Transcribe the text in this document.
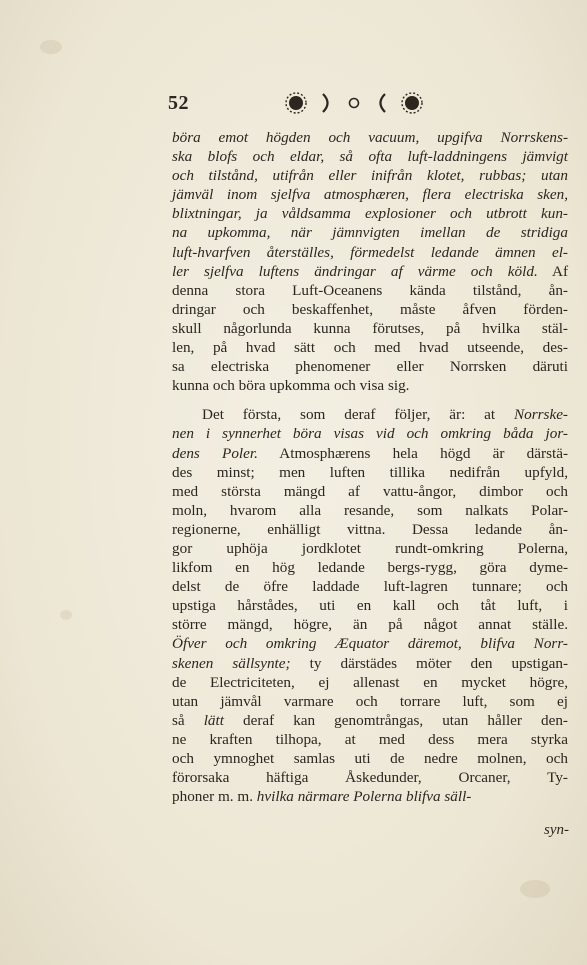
52
böra emot högden och vacuum, upgifva Norrskens-
ska blofs och eldar, så ofta luft-laddningens jämvigt
och tilstånd, utifrån eller inifrån klotet, rubbas; utan
jämväl inom sjelfva atmosphæren, flera electriska sken,
blixtningar, ja våldsamma explosioner och utbrott kun-
na upkomma, när jämnvigten imellan de stridiga
luft-hvarfven återställes, förmedelst ledande ämnen el-
ler sjelfva luftens ändringar af värme och köld. Af
denna stora Luft-Oceanens kända tilstånd, ån-
dringar och beskaffenhet, måste åfven förden-
skull någorlunda kunna förutses, på hvilka stäl-
len, på hvad sätt och med hvad utseende, des-
sa electriska phenomener eller Norrsken däruti
kunna och böra upkomma och visa sig.
Det första, som deraf följer, är: at Norrske-
nen i synnerhet böra visas vid och omkring båda jor-
dens Poler. Atmosphærens hela högd är därstä-
des minst; men luften tillika nedifrån upfyld,
med största mängd af vattu-ångor, dimbor och
moln, hvarom alla resande, som nalkats Polar-
regionerne, enhälligt vittna. Dessa ledande ån-
gor uphöja jordklotet rundt-omkring Polerna,
likfom en hög ledande bergs-rygg, göra dyme-
delst de öfre laddade luft-lagren tunnare; och
upstiga hårstådes, uti en kall och tåt luft, i
större mängd, högre, än på något annat ställe.
Öfver och omkring Æquator däremot, blifva Norr-
skenen sällsynte; ty därstädes möter den upstigan-
de Electriciteten, ej allenast en mycket högre,
utan jämvål varmare och torrare luft, som ej
så lätt deraf kan genomtrångas, utan håller den-
ne kraften tilhopa, at med dess mera styrka
och ymnoghet samlas uti de nedre molnen, och
förorsaka häftiga Åskedunder, Orcaner, Ty-
phoner m. m. hvilka närmare Polerna blifva säll-
syn-
